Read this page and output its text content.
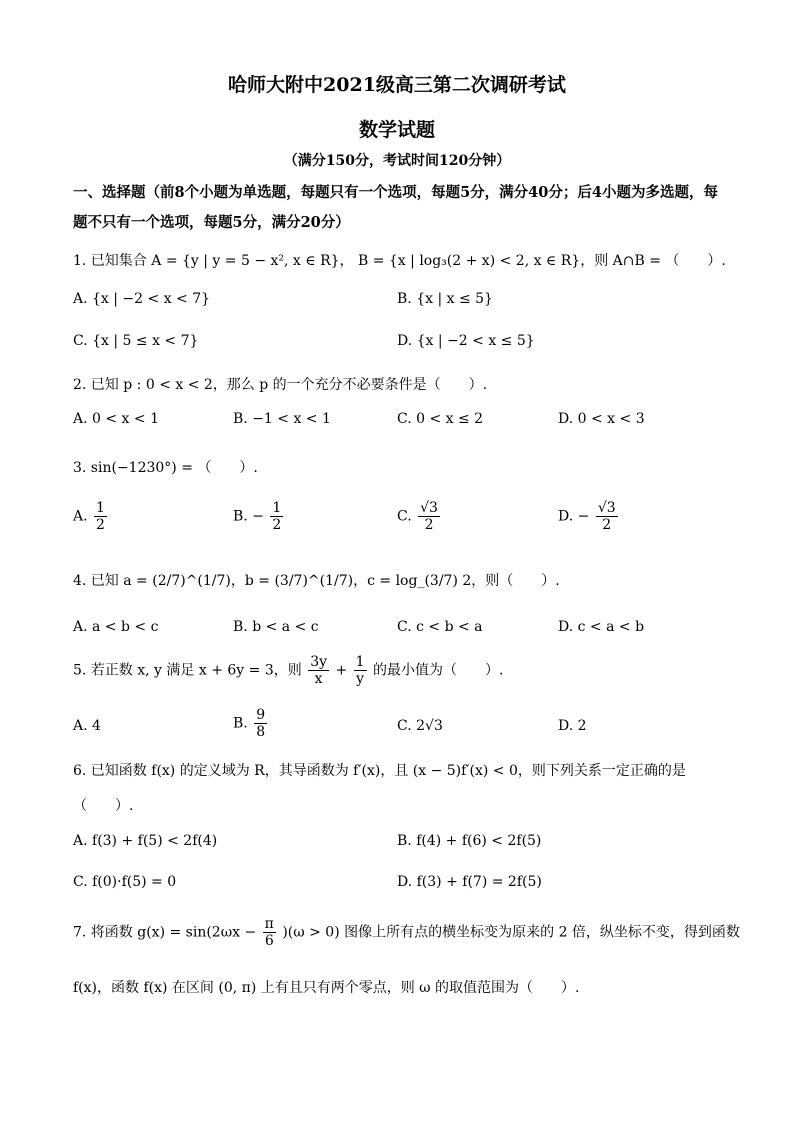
哈师大附中2021级高三第二次调研考试
数学试题
（满分150分，考试时间120分钟）
一、选择题（前8个小题为单选题，每题只有一个选项，每题5分，满分40分；后4小题为多选题，每题不只有一个选项，每题5分，满分20分）
1. 已知集合 A = {y | y = 5 − x², x ∈ R}， B = {x | log₃(2 + x) < 2, x ∈ R}，则 A∩B = （　　）.
A. {x | −2 < x < 7}	B. {x | x ≤ 5}
C. {x | 5 ≤ x < 7}	D. {x | −2 < x ≤ 5}
2. 已知 p : 0 < x < 2，那么 p 的一个充分不必要条件是（　　）.
A. 0 < x < 1	B. −1 < x < 1	C. 0 < x ≤ 2	D. 0 < x < 3
3. sin(−1230°) = （　　）.
A. $\frac{1}{2}$	B. − $\frac{1}{2}$	C. $\frac{√3}{2}$	D. − $\frac{√3}{2}$
4. 已知 a = (2/7)^(1/7)，b = (3/7)^(1/7)，c = log_(3/7) 2，则（　　）.
A. a < b < c	B. b < a < c	C. c < b < a	D. c < a < b
5. 若正数 x, y 满足 x + 6y = 3，则 $\frac{3y}{x} + \frac{1}{y}$ 的最小值为（　　）.
A. 4	B. $\frac{9}{8}$	C. 2√3	D. 2
6. 已知函数 f(x) 的定义域为 R，其导函数为 f′(x)，且 (x − 5)f′(x) < 0，则下列关系一定正确的是
（　　）.
A. f(3) + f(5) < 2f(4)	B. f(4) + f(6) < 2f(5)
C. f(0)·f(5) = 0	D. f(3) + f(7) = 2f(5)
7. 将函数 $g(x) = \sin(2\omega x - \frac{\pi}{6} )(\omega > 0)$ 图像上所有点的横坐标变为原来的 2 倍，纵坐标不变，得到函数
f(x)，函数 f(x) 在区间 (0, π) 上有且只有两个零点，则 ω 的取值范围为（　　）.
